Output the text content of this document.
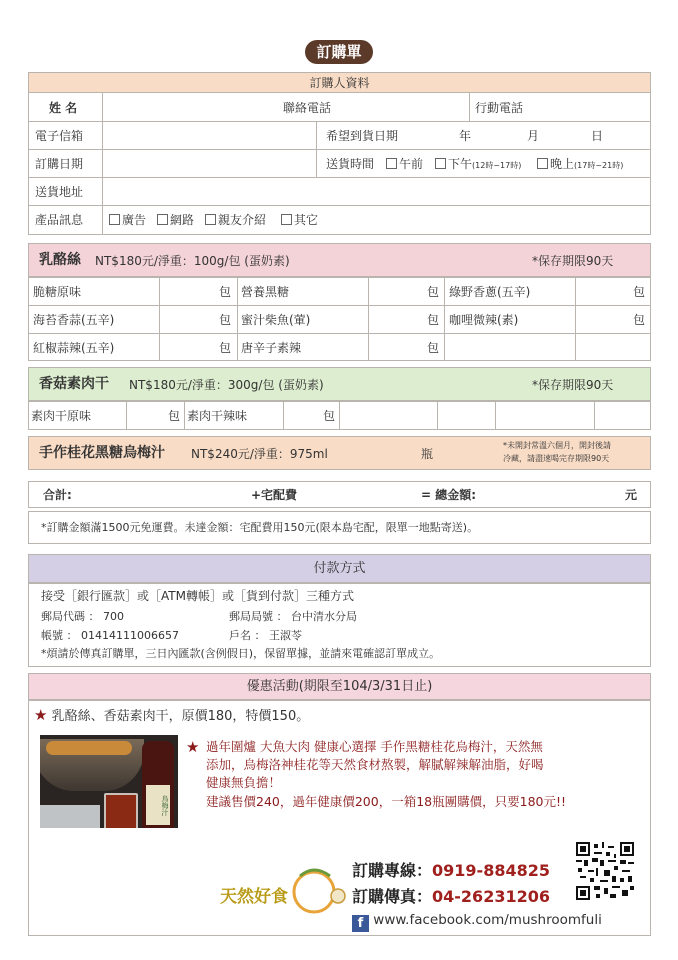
訂購單
訂購人資料
姓 名	聯絡電話	行動電話
電子信箱	希望到貨日期	年	月	日
訂購日期	送貨時間	午前	下午(12時~17時)	晚上(17時~21時)
送貨地址
產品訊息	廣告	網路	親友介紹	其它
乳酪絲 NT$180元/淨重：100g/包 (蛋奶素)	*保存期限90天
脆糖原味	包 營養黑糖	包 綠野香蔥(五辛)	包
海苔香蒜(五辛)	包 蜜汁柴魚(葷)	包 咖哩微辣(素)	包
紅椒蒜辣(五辛)	包 唐辛子素辣	包
香菇素肉干 NT$180元/淨重：300g/包 (蛋奶素)	*保存期限90天
素肉干原味	包 素肉干辣味	包
手作桂花黑糖烏梅汁 NT$240元/淨重：975ml	瓶
*未開封常溫六個月，開封後請
冷藏，請盡速喝完存期限90天
合計:	+宅配費	= 總金額:	元
*訂購金額滿1500元免運費。未達金額：宅配費用150元(限本島宅配，限單一地點寄送)。
付款方式
接受［銀行匯款］或［ATM轉帳］或［貨到付款］三種方式
郵局代碼 ： 700	郵局局號 ： 台中清水分局
帳號 ： 01414111006657	戶名 ： 王淑苓
*煩請於傳真訂購單，三日內匯款(含例假日)，保留單據，並請來電確認訂單成立。
優惠活動(期限至104/3/31日止)
★ 乳酪絲、香菇素肉干，原價180，特價150。
烏梅汁
★ 過年圍爐 大魚大肉 健康心選擇 手作黑糖桂花烏梅汁，天然無
添加，烏梅洛神桂花等天然食材熬製，解膩解辣解油脂，好喝
健康無負擔！
建議售價240，過年健康價200，一箱18瓶團購價，只要180元!!
天然好食
訂購專線：0919-884825
訂購傳真：04-26231206
f www.facebook.com/mushroomfuli
